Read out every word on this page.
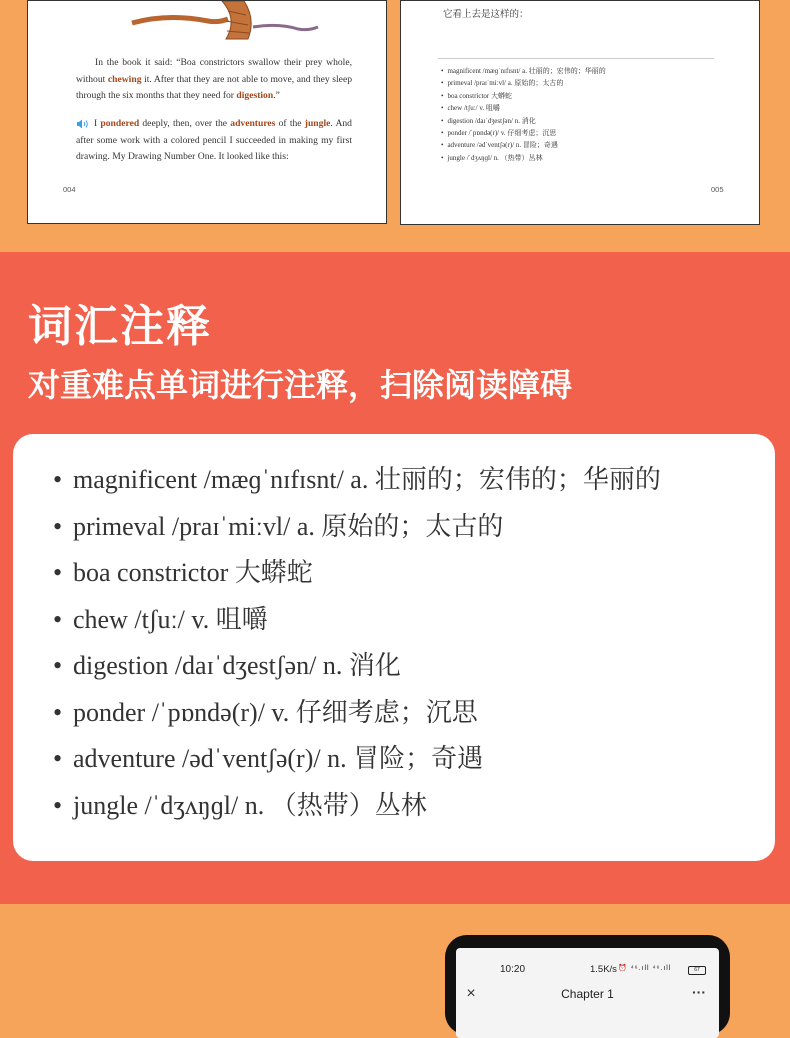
In the book it said: “Boa constrictors swallow their prey whole, without chewing it. After that they are not able to move, and they sleep through the six months that they need for digestion.”

I pondered deeply, then, over the adventures of the jungle. And after some work with a colored pencil I succeeded in making my first drawing. My Drawing Number One. It looked like this:

004
它看上去是这样的：
• magnificent /mæɡˈnɪfɪsnt/ a. 壮丽的；宏伟的；华丽的
• primeval /praɪˈmiːvl/ a. 原始的；太古的
• boa constrictor 大蟒蛇
• chew /tʃuː/ v. 咀嚼
• digestion /daɪˈdʒestʃən/ n. 消化
• ponder /ˈpɒndə(r)/ v. 仔细考虑；沉思
• adventure /ədˈventʃə(r)/ n. 冒险；奇遇
• jungle /ˈdʒʌŋɡl/ n. （热带）丛林
005
词汇注释
对重难点单词进行注释，扫除阅读障碍
• magnificent /mæɡˈnɪfɪsnt/ a. 壮丽的；宏伟的；华丽的
• primeval /praɪˈmiːvl/ a. 原始的；太古的
• boa constrictor 大蟒蛇
• chew /tʃuː/ v. 咀嚼
• digestion /daɪˈdʒestʃən/ n. 消化
• ponder /ˈpɒndə(r)/ v. 仔细考虑；沉思
• adventure /ədˈventʃə(r)/ n. 冒险；奇遇
• jungle /ˈdʒʌŋɡl/ n. （热带）丛林
10:20	1.5K/s ⏰ ⁴⁶.ıll ⁴⁶.ıll	67
×	Chapter 1	···
